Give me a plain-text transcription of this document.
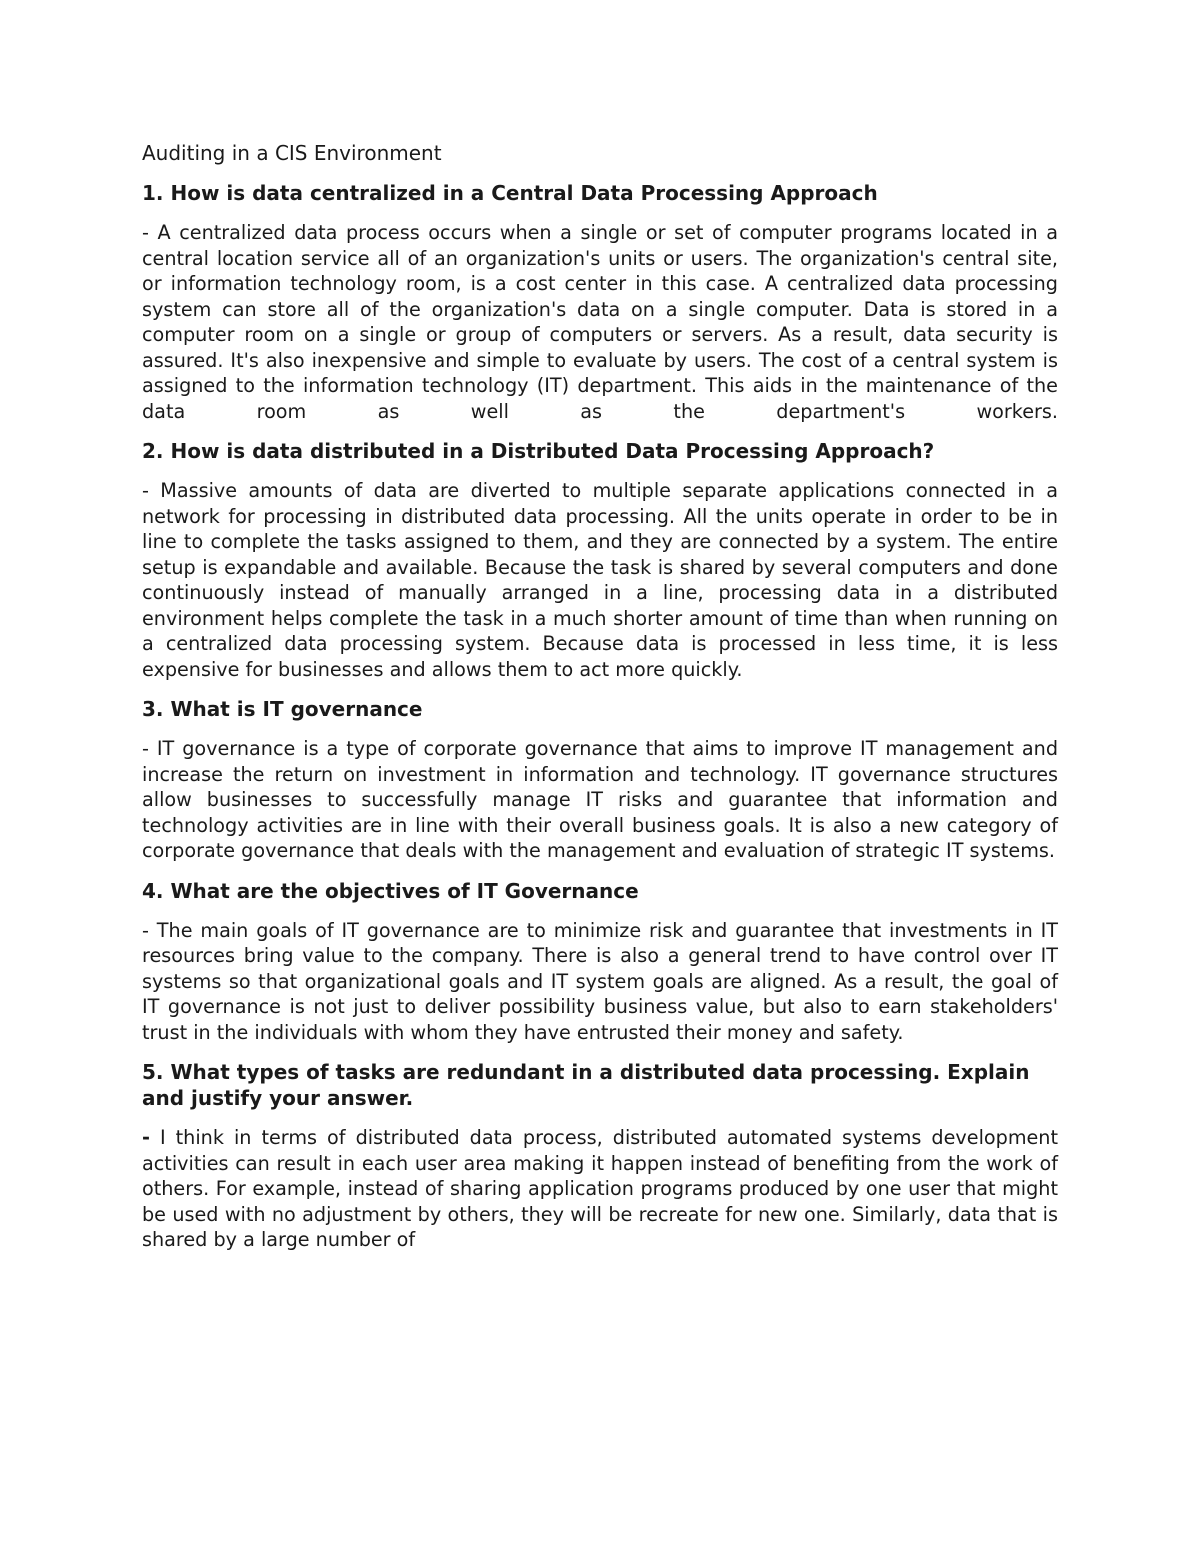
Auditing in a CIS Environment

1. How is data centralized in a Central Data Processing Approach

- A centralized data process occurs when a single or set of computer programs located in a central location service all of an organization's units or users. The organization's central site, or information technology room, is a cost center in this case. A centralized data processing system can store all of the organization's data on a single computer. Data is stored in a computer room on a single or group of computers or servers. As a result, data security is assured. It's also inexpensive and simple to evaluate by users. The cost of a central system is assigned to the information technology (IT) department. This aids in the maintenance of the data room as well as the department's workers.

2. How is data distributed in a Distributed Data Processing Approach?

- Massive amounts of data are diverted to multiple separate applications connected in a network for processing in distributed data processing. All the units operate in order to be in line to complete the tasks assigned to them, and they are connected by a system. The entire setup is expandable and available. Because the task is shared by several computers and done continuously instead of manually arranged in a line, processing data in a distributed environment helps complete the task in a much shorter amount of time than when running on a centralized data processing system. Because data is processed in less time, it is less expensive for businesses and allows them to act more quickly.

3. What is IT governance

- IT governance is a type of corporate governance that aims to improve IT management and increase the return on investment in information and technology. IT governance structures allow businesses to successfully manage IT risks and guarantee that information and technology activities are in line with their overall business goals. It is also a new category of corporate governance that deals with the management and evaluation of strategic IT systems.

4. What are the objectives of IT Governance

- The main goals of IT governance are to minimize risk and guarantee that investments in IT resources bring value to the company. There is also a general trend to have control over IT systems so that organizational goals and IT system goals are aligned. As a result, the goal of IT governance is not just to deliver possibility business value, but also to earn stakeholders' trust in the individuals with whom they have entrusted their money and safety.

5. What types of tasks are redundant in a distributed data processing. Explain and justify your answer.

- I think in terms of distributed data process, distributed automated systems development activities can result in each user area making it happen instead of benefiting from the work of others. For example, instead of sharing application programs produced by one user that might be used with no adjustment by others, they will be recreate for new one. Similarly, data that is shared by a large number of
